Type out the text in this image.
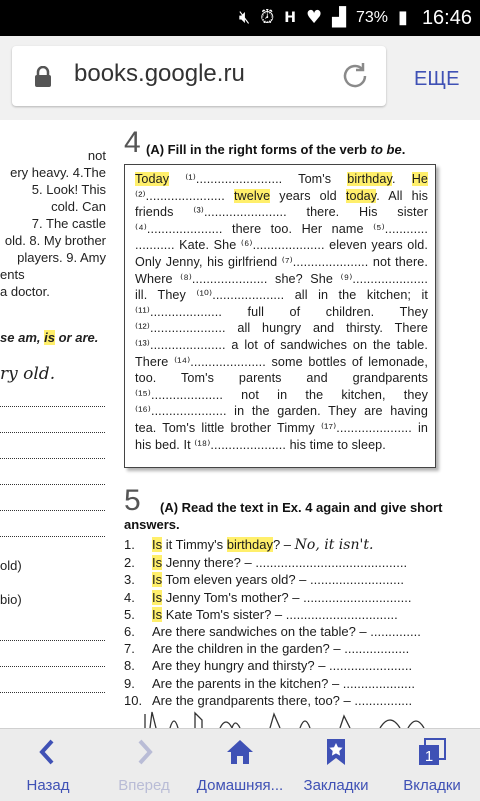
🔇︎ ⏰︎ H ♥ ▟ 73% ▮ 16:46
books.google.ru	ЕЩЕ
not
ery heavy. 4.The
5. Look! This
cold. Can
7. The castle
old. 8. My brother
players. 9. Amy
ents
a doctor.
se am, is or are.
ry old.
old)
bio)
4 (A) Fill in the right forms of the verb to be.
Today ⁽¹⁾........................ Tom's birthday. He ⁽²⁾...................... twelve years old today. All his friends ⁽³⁾....................... there. His sister ⁽⁴⁾..................... there too. Her name ⁽⁵⁾............ ........... Kate. She ⁽⁶⁾.................... eleven years old. Only Jenny, his girlfriend ⁽⁷⁾..................... not there. Where ⁽⁸⁾..................... she? She ⁽⁹⁾..................... ill. They ⁽¹⁰⁾.................... all in the kitchen; it ⁽¹¹⁾.................... full of children. They ⁽¹²⁾..................... all hungry and thirsty. There ⁽¹³⁾..................... a lot of sandwiches on the table. There ⁽¹⁴⁾..................... some bottles of lemonade, too. Tom's parents and grandparents ⁽¹⁵⁾.................... not in the kitchen, they ⁽¹⁶⁾..................... in the garden. They are having tea. Tom's little brother Timmy ⁽¹⁷⁾..................... in his bed. It ⁽¹⁸⁾..................... his time to sleep.
5 (A) Read the text in Ex. 4 again and give short
answers.
1. Is it Timmy's birthday? – No, it isn't.
2. Is Jenny there? – ..........................................
3. Is Tom eleven years old? – ..........................
4. Is Jenny Tom's mother? – ..............................
5. Is Kate Tom's sister? – ...............................
6. Are there sandwiches on the table? – ..............
7. Are the children in the garden? – ..................
8. Are they hungry and thirsty? – .......................
9. Are the parents in the kitchen? – ....................
10. Are the grandparents there, too? – ................
Назад	Вперед	Домашняя...	Закладки
1
Вкладки
